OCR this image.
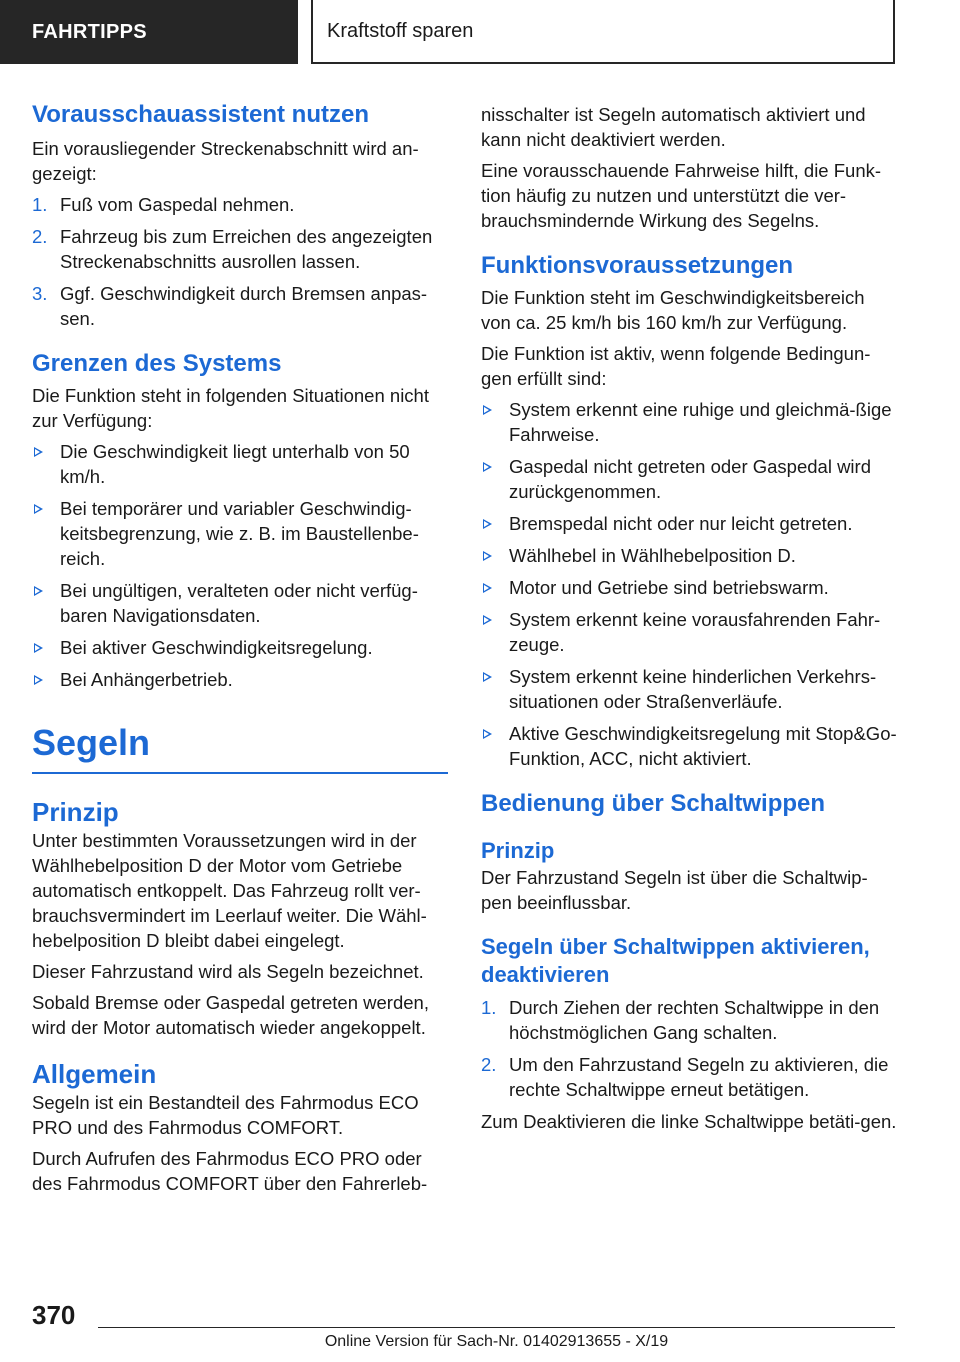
FAHRTIPPS	Kraftstoff sparen
Vorausschauassistent nutzen

Ein vorausliegender Streckenabschnitt wird an-gezeigt:

1. Fuß vom Gaspedal nehmen.
2. Fahrzeug bis zum Erreichen des angezeigten Streckenabschnitts ausrollen lassen.
3. Ggf. Geschwindigkeit durch Bremsen anpas-sen.
Grenzen des Systems

Die Funktion steht in folgenden Situationen nicht zur Verfügung:

Die Geschwindigkeit liegt unterhalb von 50 km/h.
Bei temporärer und variabler Geschwindig-keitsbegrenzung, wie z. B. im Baustellenbe-reich.
Bei ungültigen, veralteten oder nicht verfüg-baren Navigationsdaten.
Bei aktiver Geschwindigkeitsregelung.
Bei Anhängerbetrieb.
Segeln
Prinzip

Unter bestimmten Voraussetzungen wird in der Wählhebelposition D der Motor vom Getriebe automatisch entkoppelt. Das Fahrzeug rollt ver-brauchsvermindert im Leerlauf weiter. Die Wähl-hebelposition D bleibt dabei eingelegt.

Dieser Fahrzustand wird als Segeln bezeichnet.

Sobald Bremse oder Gaspedal getreten werden, wird der Motor automatisch wieder angekoppelt.

Allgemein

Segeln ist ein Bestandteil des Fahrmodus ECO PRO und des Fahrmodus COMFORT.

Durch Aufrufen des Fahrmodus ECO PRO oder des Fahrmodus COMFORT über den Fahrerleb-

nisschalter ist Segeln automatisch aktiviert und kann nicht deaktiviert werden.

Eine vorausschauende Fahrweise hilft, die Funk-tion häufig zu nutzen und unterstützt die ver-brauchsmindernde Wirkung des Segelns.

Funktionsvoraussetzungen

Die Funktion steht im Geschwindigkeitsbereich von ca. 25 km/h bis 160 km/h zur Verfügung.

Die Funktion ist aktiv, wenn folgende Bedingun-gen erfüllt sind:

System erkennt eine ruhige und gleichmä-ßige Fahrweise.
Gaspedal nicht getreten oder Gaspedal wird zurückgenommen.
Bremspedal nicht oder nur leicht getreten.
Wählhebel in Wählhebelposition D.
Motor und Getriebe sind betriebswarm.
System erkennt keine vorausfahrenden Fahr-zeuge.
System erkennt keine hinderlichen Verkehrs-situationen oder Straßenverläufe.
Aktive Geschwindigkeitsregelung mit Stop&Go-Funktion, ACC, nicht aktiviert.
Bedienung über Schaltwippen
Prinzip

Der Fahrzustand Segeln ist über die Schaltwip-pen beeinflussbar.

Segeln über Schaltwippen aktivieren, deaktivieren
1. Durch Ziehen der rechten Schaltwippe in den höchstmöglichen Gang schalten.
2. Um den Fahrzustand Segeln zu aktivieren, die rechte Schaltwippe erneut betätigen.

Zum Deaktivieren die linke Schaltwippe betäti-gen.

370
Online Version für Sach-Nr. 01402913655 - X/19
